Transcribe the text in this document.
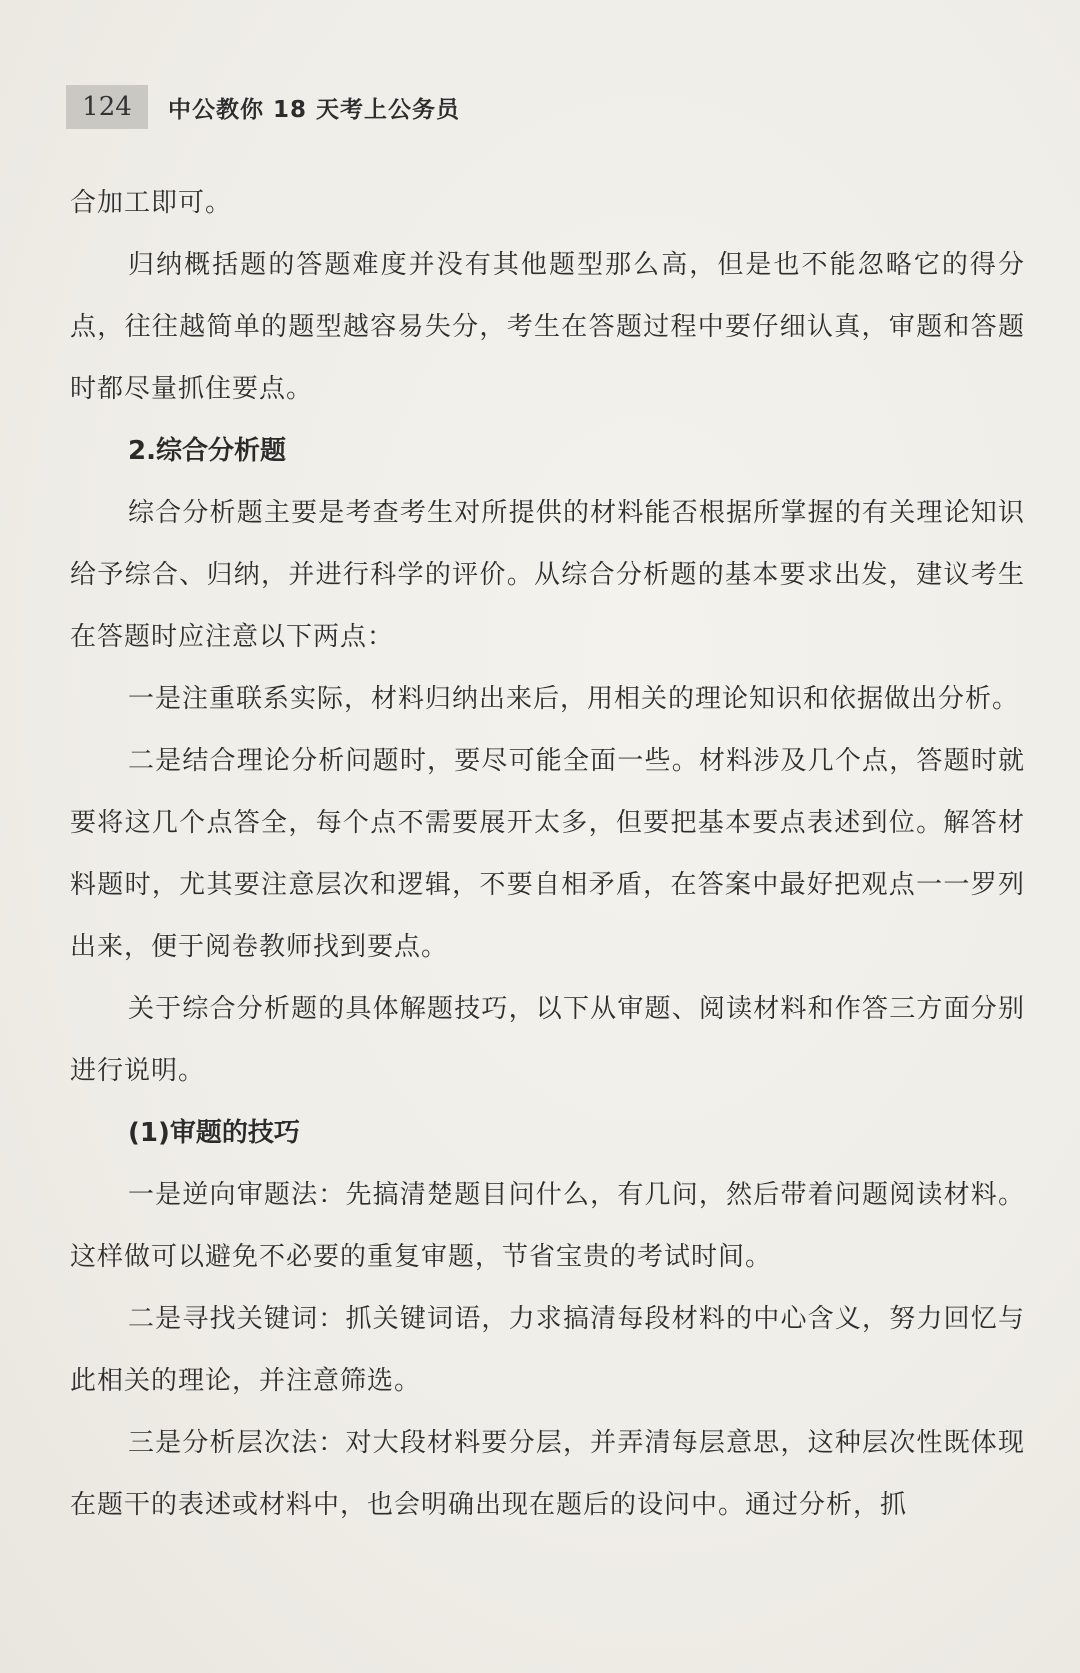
124	中公教你 18 天考上公务员

合加工即可。

归纳概括题的答题难度并没有其他题型那么高，但是也不能忽略它的得分点，往往越简单的题型越容易失分，考生在答题过程中要仔细认真，审题和答题时都尽量抓住要点。

2.综合分析题

综合分析题主要是考查考生对所提供的材料能否根据所掌握的有关理论知识给予综合、归纳，并进行科学的评价。从综合分析题的基本要求出发，建议考生在答题时应注意以下两点：

一是注重联系实际，材料归纳出来后，用相关的理论知识和依据做出分析。

二是结合理论分析问题时，要尽可能全面一些。材料涉及几个点，答题时就要将这几个点答全，每个点不需要展开太多，但要把基本要点表述到位。解答材料题时，尤其要注意层次和逻辑，不要自相矛盾，在答案中最好把观点一一罗列出来，便于阅卷教师找到要点。

关于综合分析题的具体解题技巧，以下从审题、阅读材料和作答三方面分别进行说明。

(1)审题的技巧

一是逆向审题法：先搞清楚题目问什么，有几问，然后带着问题阅读材料。这样做可以避免不必要的重复审题，节省宝贵的考试时间。

二是寻找关键词：抓关键词语，力求搞清每段材料的中心含义，努力回忆与此相关的理论，并注意筛选。

三是分析层次法：对大段材料要分层，并弄清每层意思，这种层次性既体现在题干的表述或材料中，也会明确出现在题后的设问中。通过分析，抓
